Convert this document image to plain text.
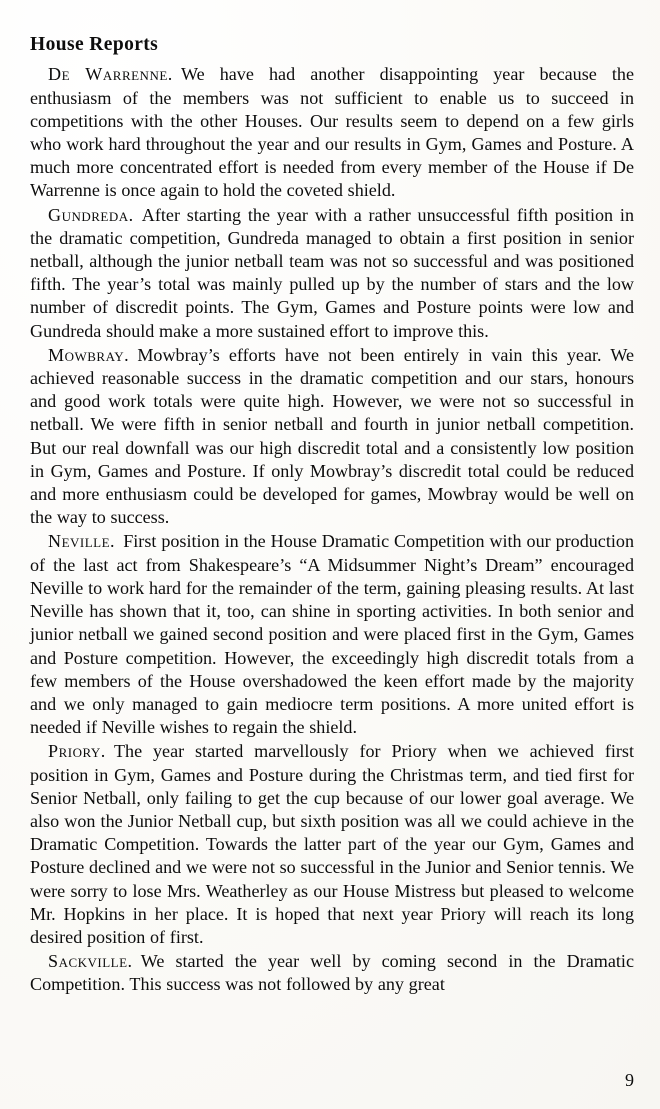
House Reports

De Warrenne. We have had another disappointing year because the enthusiasm of the members was not sufficient to enable us to succeed in competitions with the other Houses. Our results seem to depend on a few girls who work hard throughout the year and our results in Gym, Games and Posture. A much more concentrated effort is needed from every member of the House if De Warrenne is once again to hold the coveted shield.

Gundreda. After starting the year with a rather unsuccessful fifth position in the dramatic competition, Gundreda managed to obtain a first position in senior netball, although the junior netball team was not so successful and was positioned fifth. The year’s total was mainly pulled up by the number of stars and the low number of discredit points. The Gym, Games and Posture points were low and Gundreda should make a more sustained effort to improve this.

Mowbray. Mowbray’s efforts have not been entirely in vain this year. We achieved reasonable success in the dramatic competition and our stars, honours and good work totals were quite high. However, we were not so successful in netball. We were fifth in senior netball and fourth in junior netball competition. But our real downfall was our high discredit total and a consistently low position in Gym, Games and Posture. If only Mowbray’s discredit total could be reduced and more enthusiasm could be developed for games, Mowbray would be well on the way to success.

Neville. First position in the House Dramatic Competition with our production of the last act from Shakespeare’s “A Midsummer Night’s Dream” encouraged Neville to work hard for the remainder of the term, gaining pleasing results. At last Neville has shown that it, too, can shine in sporting activities. In both senior and junior netball we gained second position and were placed first in the Gym, Games and Posture competition. However, the exceedingly high discredit totals from a few members of the House overshadowed the keen effort made by the majority and we only managed to gain mediocre term positions. A more united effort is needed if Neville wishes to regain the shield.

Priory. The year started marvellously for Priory when we achieved first position in Gym, Games and Posture during the Christmas term, and tied first for Senior Netball, only failing to get the cup because of our lower goal average. We also won the Junior Netball cup, but sixth position was all we could achieve in the Dramatic Competition. Towards the latter part of the year our Gym, Games and Posture declined and we were not so successful in the Junior and Senior tennis. We were sorry to lose Mrs. Weatherley as our House Mistress but pleased to welcome Mr. Hopkins in her place. It is hoped that next year Priory will reach its long desired position of first.

Sackville. We started the year well by coming second in the Dramatic Competition. This success was not followed by any great

9
